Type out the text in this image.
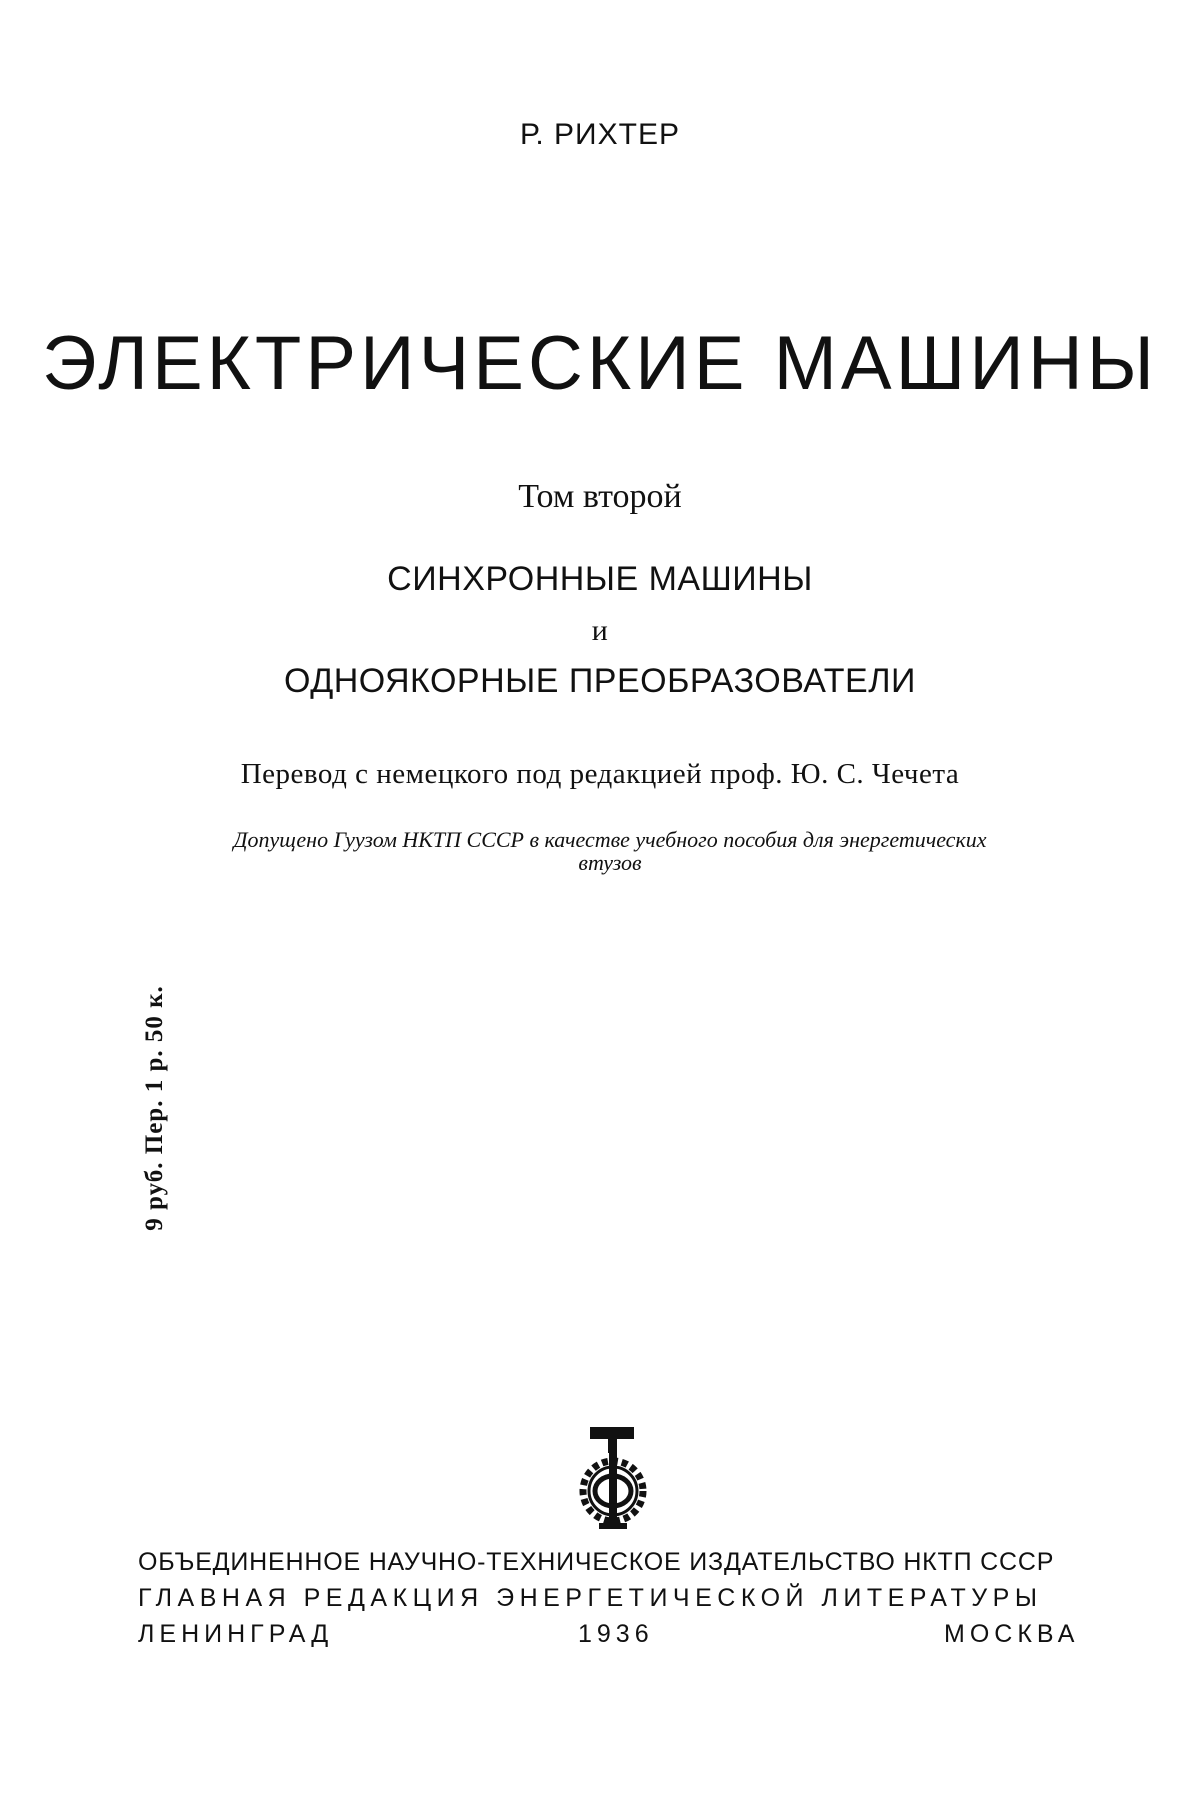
Р. РИХТЕР
ЭЛЕКТРИЧЕСКИЕ МАШИНЫ
Том второй
СИНХРОННЫЕ МАШИНЫ
и
ОДНОЯКОРНЫЕ ПРЕОБРАЗОВАТЕЛИ
Перевод с немецкого под редакцией проф. Ю. С. Чечета
Допущено Гуузом НКТП СССР в качестве учебного пособия для энергетических втузов
9 руб. Пер. 1 р. 50 к.
ОБЪЕДИНЕННОЕ НАУЧНО-ТЕХНИЧЕСКОЕ ИЗДАТЕЛЬСТВО НКТП СССР
ГЛАВНАЯ РЕДАКЦИЯ ЭНЕРГЕТИЧЕСКОЙ ЛИТЕРАТУРЫ
ЛЕНИНГРАД	1936	МОСКВА
